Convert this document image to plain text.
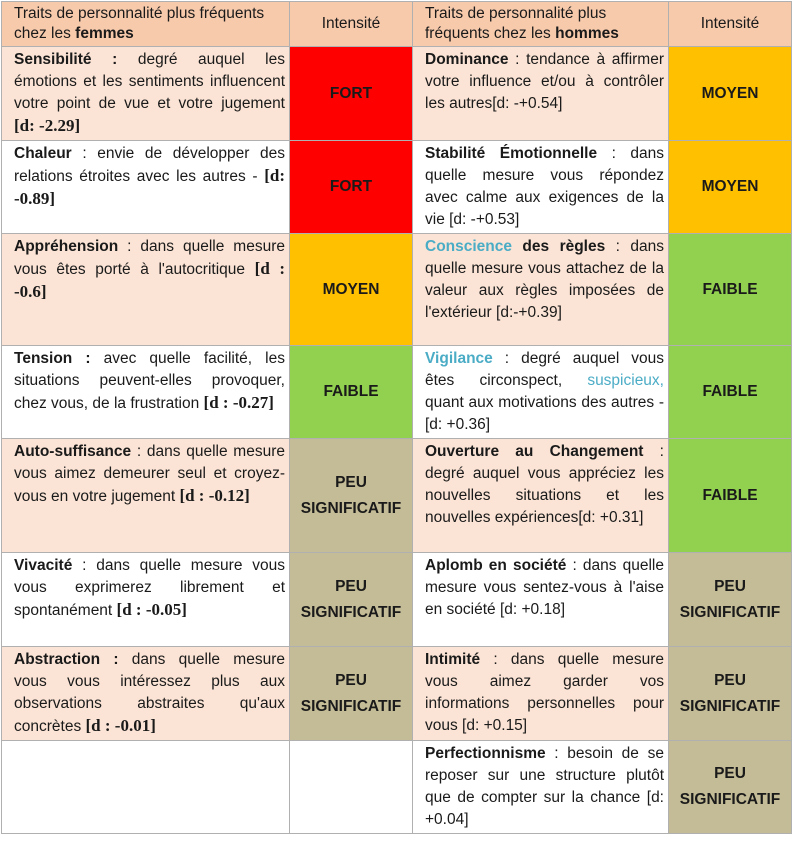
Traits de personnalité plus fréquents chez les femmes	Intensité	Traits de personnalité plus fréquents chez les hommes	Intensité
Sensibilité : degré auquel les émotions et les sentiments influencent votre point de vue et votre jugement [d: -2.29]	FORT	Dominance : tendance à affirmer votre influence et/ou à contrôler les autres[d: -+0.54]	MOYEN
Chaleur : envie de développer des relations étroites avec les autres - [d: -0.89]	FORT	Stabilité Émotionnelle : dans quelle mesure vous répondez avec calme aux exigences de la vie [d: -+0.53]	MOYEN
Appréhension : dans quelle mesure vous êtes porté à l'autocritique [d : -0.6]	MOYEN	Conscience des règles : dans quelle mesure vous attachez de la valeur aux règles imposées de l'extérieur [d:-+0.39]	FAIBLE
Tension : avec quelle facilité, les situations peuvent-elles provoquer, chez vous, de la frustration [d : -0.27]	FAIBLE	Vigilance : degré auquel vous êtes circonspect, suspicieux, quant aux motivations des autres - [d: +0.36]	FAIBLE
Auto-suffisance : dans quelle mesure vous aimez demeurer seul et croyez-vous en votre jugement [d : -0.12]	PEU SIGNIFICATIF	Ouverture au Changement : degré auquel vous appréciez les nouvelles situations et les nouvelles expériences[d: +0.31]	FAIBLE
Vivacité : dans quelle mesure vous vous exprimerez librement et spontanément [d : -0.05]	PEU SIGNIFICATIF	Aplomb en société : dans quelle mesure vous sentez-vous à l'aise en société [d: +0.18]	PEU SIGNIFICATIF
Abstraction : dans quelle mesure vous vous intéressez plus aux observations abstraites qu'aux concrètes [d : -0.01]	PEU SIGNIFICATIF	Intimité : dans quelle mesure vous aimez garder vos informations personnelles pour vous [d: +0.15]	PEU SIGNIFICATIF
		Perfectionnisme : besoin de se reposer sur une structure plutôt que de compter sur la chance [d: +0.04]	PEU SIGNIFICATIF
